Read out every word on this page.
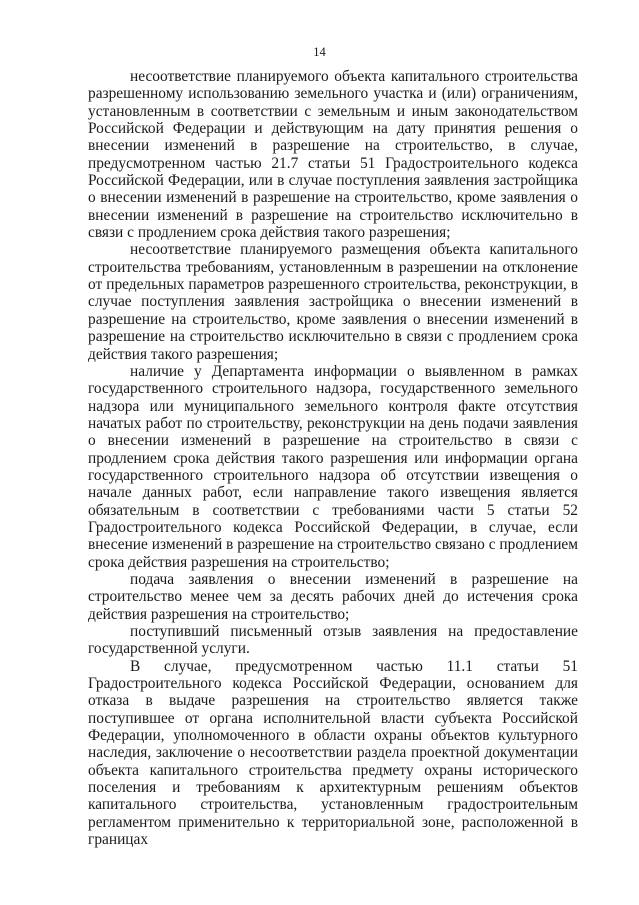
14

несоответствие планируемого объекта капитального строительства разрешенному использованию земельного участка и (или) ограничениям, установленным в соответствии с земельным и иным законодательством Российской Федерации и действующим на дату принятия решения о внесении изменений в разрешение на строительство, в случае, предусмотренном частью 21.7 статьи 51 Градостроительного кодекса Российской Федерации, или в случае поступления заявления застройщика о внесении изменений в разрешение на строительство, кроме заявления о внесении изменений в разрешение на строительство исключительно в связи с продлением срока действия такого разрешения;

несоответствие планируемого размещения объекта капитального строительства требованиям, установленным в разрешении на отклонение от предельных параметров разрешенного строительства, реконструкции, в случае поступления заявления застройщика о внесении изменений в разрешение на строительство, кроме заявления о внесении изменений в разрешение на строительство исключительно в связи с продлением срока действия такого разрешения;

наличие у Департамента информации о выявленном в рамках государственного строительного надзора, государственного земельного надзора или муниципального земельного контроля факте отсутствия начатых работ по строительству, реконструкции на день подачи заявления о внесении изменений в разрешение на строительство в связи с продлением срока действия такого разрешения или информации органа государственного строительного надзора об отсутствии извещения о начале данных работ, если направление такого извещения является обязательным в соответствии с требованиями части 5 статьи 52 Градостроительного кодекса Российской Федерации, в случае, если внесение изменений в разрешение на строительство связано с продлением срока действия разрешения на строительство;

подача заявления о внесении изменений в разрешение на строительство менее чем за десять рабочих дней до истечения срока действия разрешения на строительство;

поступивший письменный отзыв заявления на предоставление государственной услуги.

В случае, предусмотренном частью 11.1 статьи 51 Градостроительного кодекса Российской Федерации, основанием для отказа в выдаче разрешения на строительство является также поступившее от органа исполнительной власти субъекта Российской Федерации, уполномоченного в области охраны объектов культурного наследия, заключение о несоответствии раздела проектной документации объекта капитального строительства предмету охраны исторического поселения и требованиям к архитектурным решениям объектов капитального строительства, установленным градостроительным регламентом применительно к территориальной зоне, расположенной в границах
